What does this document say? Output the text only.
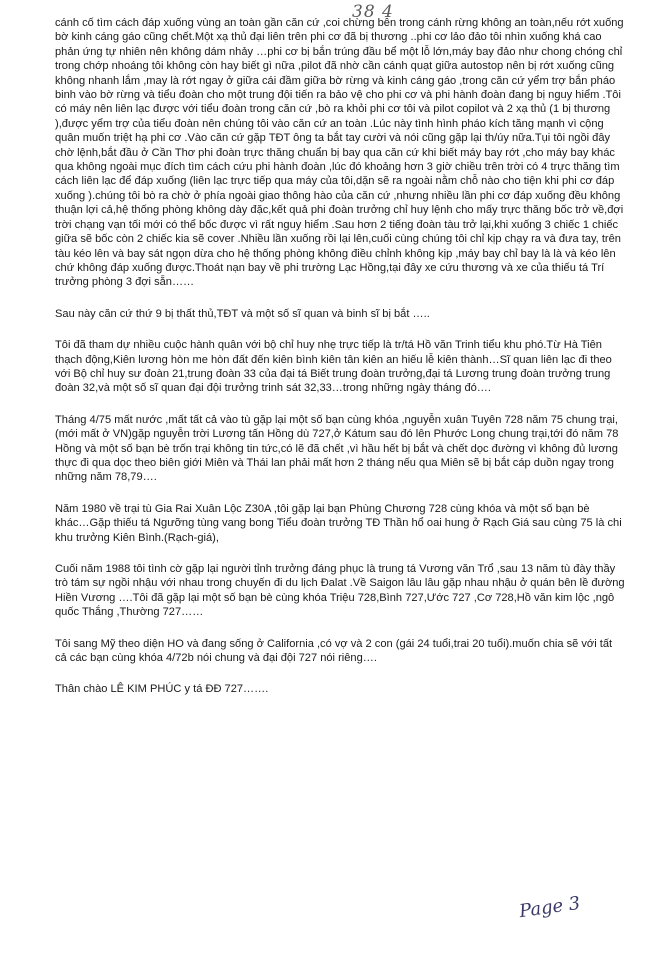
38 4

cánh cố tìm cách đáp xuống vùng an toàn gần căn cứ ,coi chừng bên trong cánh rừng không an toàn,nếu rớt xuống bờ kinh cáng gáo cũng chết.Một xạ thủ đại liên trên phi cơ đã bị thương ..phi cơ lảo đảo tôi nhìn xuống khá cao phản ứng tự nhiên nên không dám nhảy …phi cơ bị bắn trúng đầu bể một lỗ lớn,máy bay đảo như chong chóng chỉ trong chớp nhoáng tôi không còn hay biết gì nữa ,pilot đã nhờ cần cánh quạt giữa autostop nên bị rớt xuống cũng không nhanh lắm ,may là rớt ngay ở giữa cái đầm giữa bờ rừng và kinh cáng gáo ,trong căn cứ yểm trợ bắn pháo binh vào bờ rừng và tiểu đoàn cho một trung đội tiến ra bảo vệ cho phi cơ và phi hành đoàn đang bị nguy hiểm .Tôi có máy nên liên lạc được với tiểu đoàn trong căn cứ ,bò ra khỏi phi cơ tôi và pilot copilot và 2 xạ thủ (1 bị thương ),được yểm trợ của tiểu đoàn nên chúng tôi vào căn cứ an toàn .Lúc này tình hình pháo kích tăng mạnh vì cộng quân muốn triệt hạ phi cơ .Vào căn cứ gặp TĐT ông ta bắt tay cười và nói cũng gặp lại th/úy nữa.Tụi tôi ngồi đây chờ lệnh,bắt đầu ở Cần Thơ phi đoàn trực thăng chuẩn bị bay qua căn cứ khi biết máy bay rớt ,cho máy bay khác qua không ngoài mục đích tìm cách cứu phi hành đoàn ,lúc đó khoảng hơn 3 giờ chiều trên trời có 4 trực thăng tìm cách liên lạc để đáp xuống (liên lạc trực tiếp qua máy của tôi,dặn sẽ ra ngoài nằm chỗ nào cho tiện khi phi cơ đáp xuống ).chúng tôi bò ra chờ ở phía ngoài giao thông hào của căn cứ ,nhưng nhiều lần phi cơ đáp xuống đều không thuận lợi cả,hệ thống phòng không dày đặc,kết quả phi đoàn trưởng chỉ huy lệnh cho mấy trực thăng bốc trở về,đợi trời chạng vạn tối mới có thể bốc được vì rất nguy hiểm .Sau hơn 2 tiếng đoàn tàu trở lại,khi xuống 3 chiếc 1 chiếc giữa sẽ bốc còn 2 chiếc kia sẽ cover .Nhiều lần xuống rồi lại lên,cuối cùng chúng tôi chỉ kịp chạy ra và đưa tay, trên tàu kéo lên và bay sát ngọn dừa cho hệ thống phòng không điều chỉnh không kịp ,máy bay chỉ bay là là và kéo lên chứ không đáp xuống được.Thoát nạn bay về phi trường Lạc Hồng,tại đây xe cứu thương và xe của thiếu tá Trí trưởng phòng 3 đợi sẵn……

Sau này căn cứ thứ 9 bị thất thủ,TĐT và một số sĩ quan và binh sĩ bị bắt …..

Tôi đã tham dự nhiều cuộc hành quân với bộ chỉ huy nhẹ trực tiếp là tr/tá Hồ văn Trinh tiểu khu phó.Từ Hà Tiên thạch động,Kiên lương hòn me hòn đất đến kiên bình kiên tân kiên an hiếu lễ kiên thành…Sĩ quan liên lạc đi theo với Bộ chỉ huy sư đoàn 21,trung đoàn 33 của đại tá Biết trung đoàn trưởng,đại tá Lương trung đoàn trưởng trung đoàn 32,và một số sĩ quan đại đội trưởng trinh sát 32,33…trong những ngày tháng đó….

Tháng 4/75 mất nước ,mất tất cả vào tù gặp lại một số bạn cùng khóa ,nguyễn xuân Tuyên 728 năm 75 chung trại,(mới mất ở VN)gặp nguyễn trời Lương tấn Hồng dù 727,ở Kátum sau đó lên Phước Long chung trại,tới đó năm 78 Hồng và một số bạn bè trốn trại không tin tức,có lẽ đã chết ,vì hầu hết bị bắt và chết dọc đường vì không đủ lương thực đi qua dọc theo biên giới Miên và Thái lan phải mất hơn 2 tháng nếu qua Miên sẽ bị bắt cáp duồn ngay trong những năm 78,79….

Năm 1980 về trại tù Gia Rai Xuân Lộc Z30A ,tôi gặp lại bạn Phùng Chương 728 cùng khóa và một số bạn bè khác…Gặp thiếu tá Ngưỡng tùng vang bong Tiểu đoàn trưởng TĐ Thần hổ oai hung ở Rạch Giá sau cùng 75 là chi khu trưởng Kiên Bình.(Rạch-giá),

Cuối năm 1988 tôi tình cờ gặp lại người tỉnh trưởng đáng phục là trung tá Vương văn Trổ ,sau 13 năm tù đày thầy trò tám sự ngồi nhậu với nhau trong chuyến đi du lịch Đalat .Về Saigon lâu lâu gặp nhau nhậu ở quán bên lề đường Hiền Vương ….Tôi đã gặp lại một số bạn bè cùng khóa Triệu 728,Bình 727,Ước 727 ,Cơ 728,Hồ văn kim lộc ,ngô quốc Thắng ,Thường 727……

Tôi sang Mỹ theo diện HO và đang sống ở California ,có vợ và 2 con (gái 24 tuổi,trai 20 tuổi).muốn chia sẽ với tất cả các bạn cùng khóa 4/72b nói chung và đại đội 727 nói riêng….

Thân chào LÊ KIM PHÚC y tá ĐĐ 727…….

Page 3
